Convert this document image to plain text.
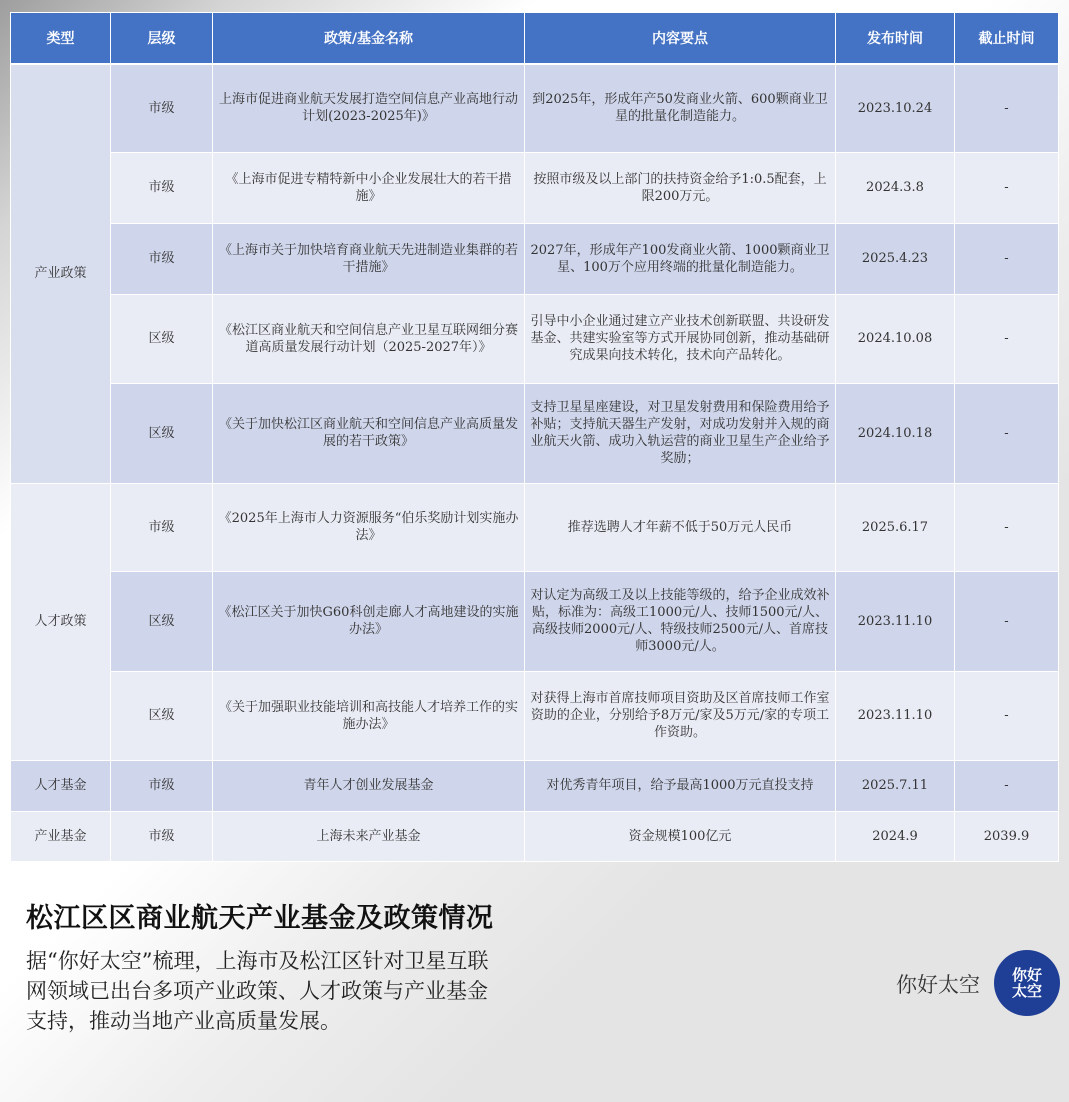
类型	层级	政策/基金名称	内容要点	发布时间	截止时间
产业政策	市级	上海市促进商业航天发展打造空间信息产业高地行动计划(2023-2025年)》	到2025年，形成年产50发商业火箭、600颗商业卫星的批量化制造能力。	2023.10.24	-
	市级	《上海市促进专精特新中小企业发展壮大的若干措施》	按照市级及以上部门的扶持资金给予1:0.5配套，上限200万元。	2024.3.8	-
	市级	《上海市关于加快培育商业航天先进制造业集群的若干措施》	2027年，形成年产100发商业火箭、1000颗商业卫星、100万个应用终端的批量化制造能力。	2025.4.23	-
	区级	《松江区商业航天和空间信息产业卫星互联网细分赛道高质量发展行动计划（2025-2027年）》	引导中小企业通过建立产业技术创新联盟、共设研发基金、共建实验室等方式开展协同创新，推动基础研究成果向技术转化，技术向产品转化。	2024.10.08	-
	区级	《关于加快松江区商业航天和空间信息产业高质量发展的若干政策》	支持卫星星座建设，对卫星发射费用和保险费用给予补贴；支持航天器生产发射，对成功发射并入规的商业航天火箭、成功入轨运营的商业卫星生产企业给予奖励；	2024.10.18	-
人才政策	市级	《2025年上海市人力资源服务“伯乐奖励计划实施办法》	推荐选聘人才年薪不低于50万元人民币	2025.6.17	-
	区级	《松江区关于加快G60科创走廊人才高地建设的实施办法》	对认定为高级工及以上技能等级的，给予企业成效补贴，标准为：高级工1000元/人、技师1500元/人、高级技师2000元/人、特级技师2500元/人、首席技师3000元/人。	2023.11.10	-
	区级	《关于加强职业技能培训和高技能人才培养工作的实施办法》	对获得上海市首席技师项目资助及区首席技师工作室资助的企业，分别给予8万元/家及5万元/家的专项工作资助。	2023.11.10	-
人才基金	市级	青年人才创业发展基金	对优秀青年项目，给予最高1000万元直投支持	2025.7.11	-
产业基金	市级	上海未来产业基金	资金规模100亿元	2024.9	2039.9
松江区区商业航天产业基金及政策情况
据“你好太空”梳理，上海市及松江区针对卫星互联网领域已出台多项产业政策、人才政策与产业基金支持，推动当地产业高质量发展。
你好太空 你好太空
